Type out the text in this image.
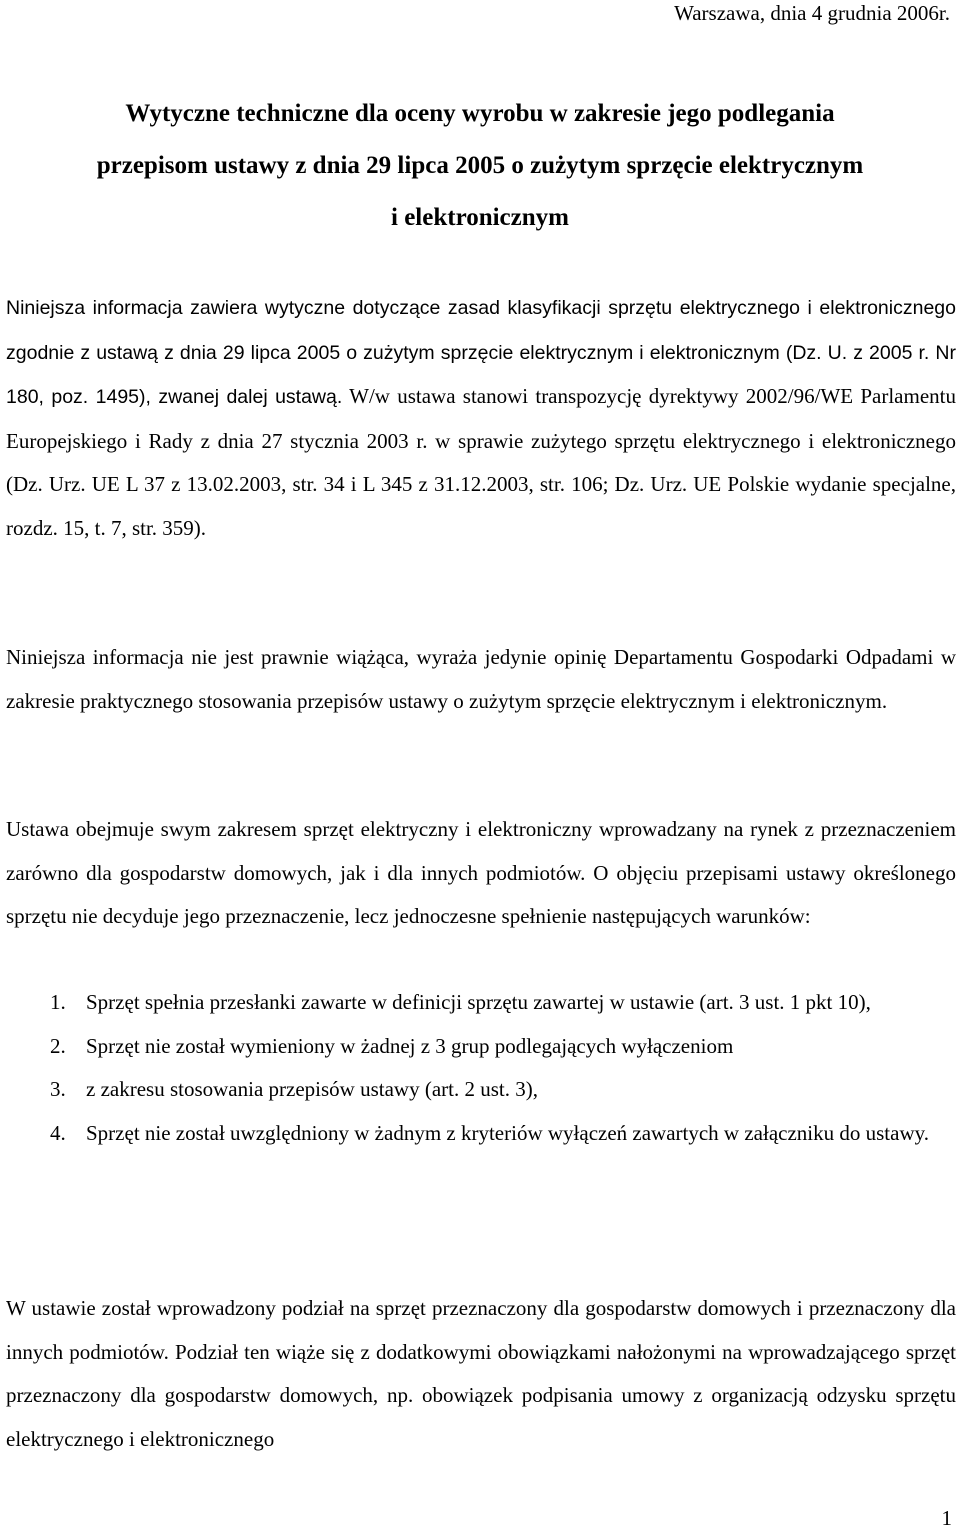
Warszawa, dnia 4 grudnia 2006r.
Wytyczne techniczne dla oceny wyrobu w zakresie jego podlegania
przepisom ustawy z dnia 29 lipca 2005 o zużytym sprzęcie elektrycznym
i elektronicznym

Niniejsza informacja zawiera wytyczne dotyczące zasad klasyfikacji sprzętu elektrycznego i elektronicznego zgodnie z ustawą z dnia 29 lipca 2005 o zużytym sprzęcie elektrycznym i elektronicznym (Dz. U. z 2005 r. Nr 180, poz. 1495), zwanej dalej ustawą. W/w ustawa stanowi transpozycję dyrektywy 2002/96/WE Parlamentu Europejskiego i Rady z dnia 27 stycznia 2003 r. w sprawie zużytego sprzętu elektrycznego i elektronicznego (Dz. Urz. UE L 37 z 13.02.2003, str. 34 i L 345 z 31.12.2003, str. 106; Dz. Urz. UE Polskie wydanie specjalne, rozdz. 15, t. 7, str. 359).

Niniejsza informacja nie jest prawnie wiążąca, wyraża jedynie opinię Departamentu Gospodarki Odpadami w zakresie praktycznego stosowania przepisów ustawy o zużytym sprzęcie elektrycznym i elektronicznym.

Ustawa obejmuje swym zakresem sprzęt elektryczny i elektroniczny wprowadzany na rynek z przeznaczeniem zarówno dla gospodarstw domowych, jak i dla innych podmiotów. O objęciu przepisami ustawy określonego sprzętu nie decyduje jego przeznaczenie, lecz jednoczesne spełnienie następujących warunków:

1. Sprzęt spełnia przesłanki zawarte w definicji sprzętu zawartej w ustawie (art. 3 ust. 1 pkt 10),
2. Sprzęt nie został wymieniony w żadnej z 3 grup podlegających wyłączeniom
3. z zakresu stosowania przepisów ustawy (art. 2 ust. 3),
4. Sprzęt nie został uwzględniony w żadnym z kryteriów wyłączeń zawartych w załączniku do ustawy.

W ustawie został wprowadzony podział na sprzęt przeznaczony dla gospodarstw domowych i przeznaczony dla innych podmiotów. Podział ten wiąże się z dodatkowymi obowiązkami nałożonymi na wprowadzającego sprzęt przeznaczony dla gospodarstw domowych, np. obowiązek podpisania umowy z organizacją odzysku sprzętu elektrycznego i elektronicznego

1
